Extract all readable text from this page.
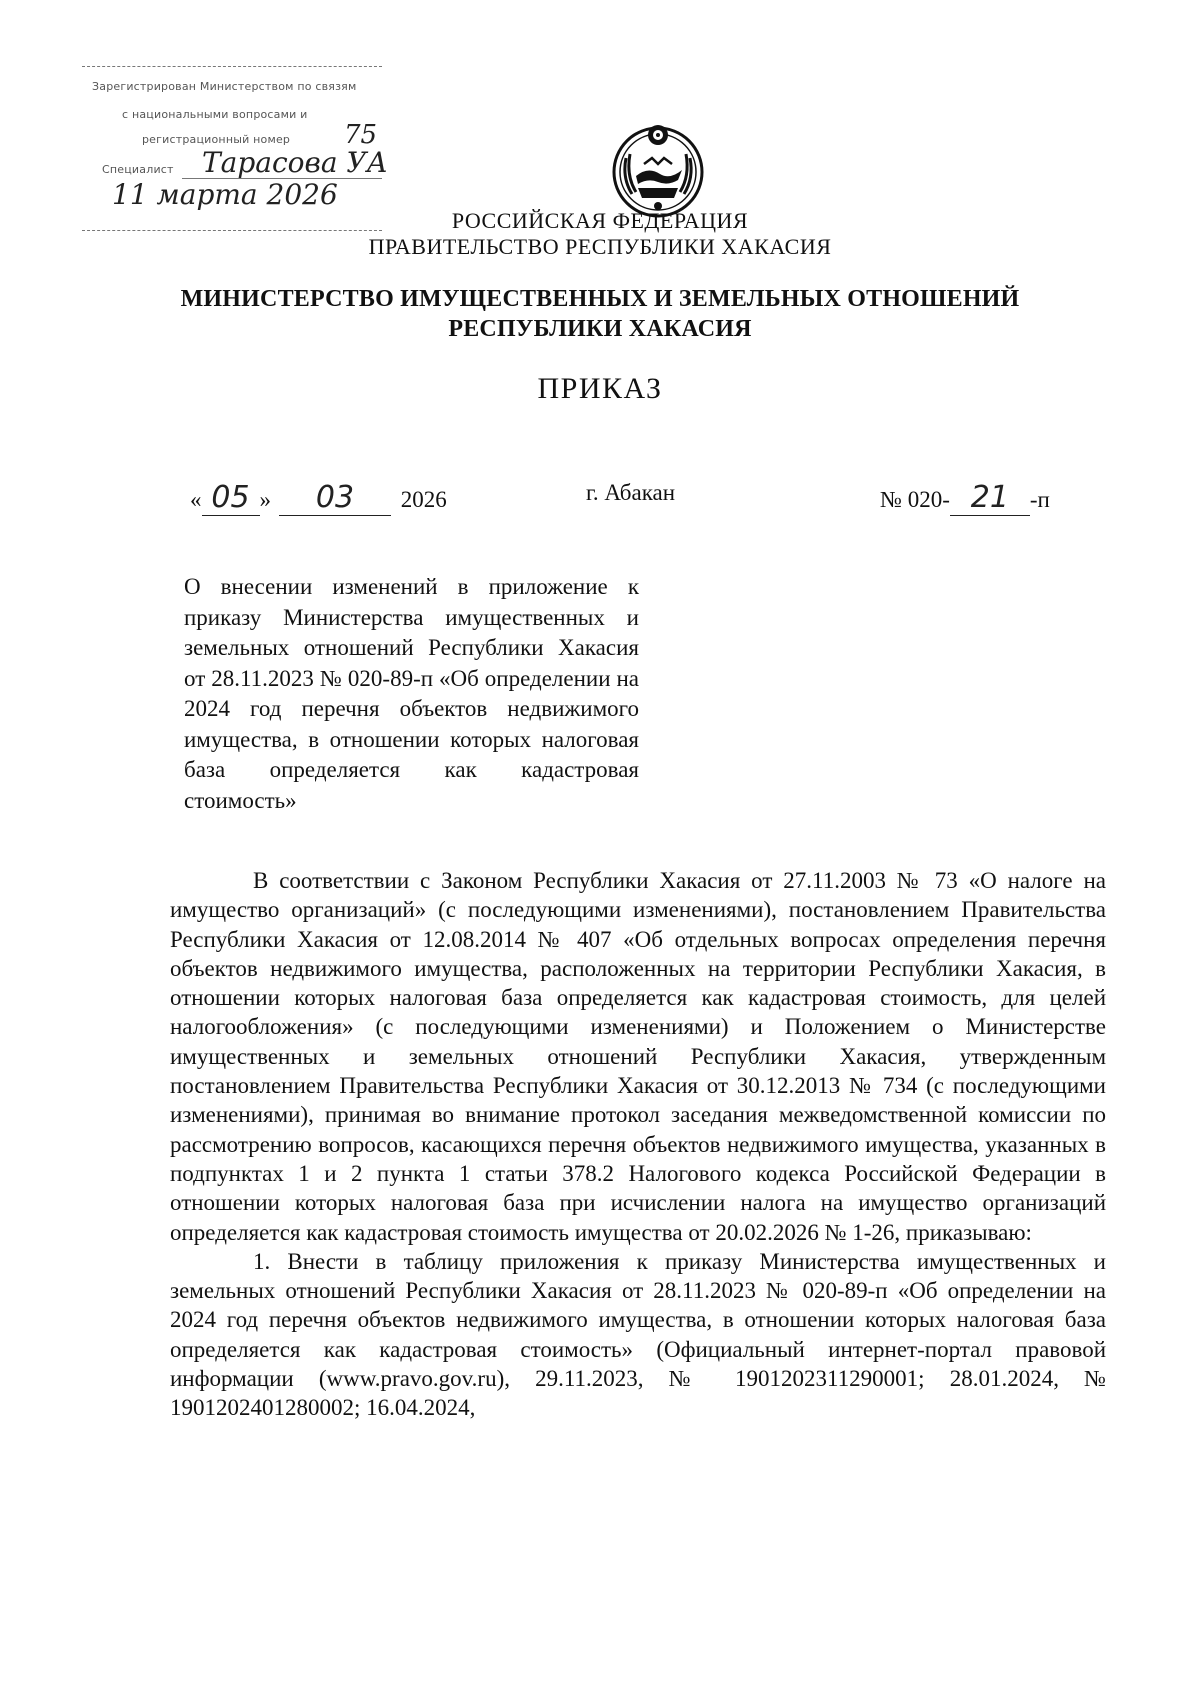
Зарегистрирован Министерством по связям
с национальными вопросами и
регистрационный номер 75
Специалист Тарасова УА
11 марта 2026
РОССИЙСКАЯ ФЕДЕРАЦИЯ
ПРАВИТЕЛЬСТВО РЕСПУБЛИКИ ХАКАСИЯ
МИНИСТЕРСТВО ИМУЩЕСТВЕННЫХ И ЗЕМЕЛЬНЫХ ОТНОШЕНИЙ
РЕСПУБЛИКИ ХАКАСИЯ
ПРИКАЗ
« 05 » 03 2026	г. Абакан	№ 020- 21 -п
О внесении изменений в приложение к приказу Министерства имущественных и земельных отношений Республики Хакасия от 28.11.2023 № 020-89-п «Об определении на 2024 год перечня объектов недвижимого имущества, в отношении которых налоговая база определяется как кадастровая стоимость»

В соответствии с Законом Республики Хакасия от 27.11.2003 № 73 «О налоге на имущество организаций» (с последующими изменениями), постановлением Правительства Республики Хакасия от 12.08.2014 № 407 «Об отдельных вопросах определения перечня объектов недвижимого имущества, расположенных на территории Республики Хакасия, в отношении которых налоговая база определяется как кадастровая стоимость, для целей налогообложения» (с последующими изменениями) и Положением о Министерстве имущественных и земельных отношений Республики Хакасия, утвержденным постановлением Правительства Республики Хакасия от 30.12.2013 № 734 (с последующими изменениями), принимая во внимание протокол заседания межведомственной комиссии по рассмотрению вопросов, касающихся перечня объектов недвижимого имущества, указанных в подпунктах 1 и 2 пункта 1 статьи 378.2 Налогового кодекса Российской Федерации в отношении которых налоговая база при исчислении налога на имущество организаций определяется как кадастровая стоимость имущества от 20.02.2026 № 1-26, приказываю:

1. Внести в таблицу приложения к приказу Министерства имущественных и земельных отношений Республики Хакасия от 28.11.2023 № 020-89-п «Об определении на 2024 год перечня объектов недвижимого имущества, в отношении которых налоговая база определяется как кадастровая стоимость» (Официальный интернет-портал правовой информации (www.pravo.gov.ru), 29.11.2023, № 1901202311290001; 28.01.2024, № 1901202401280002; 16.04.2024,
